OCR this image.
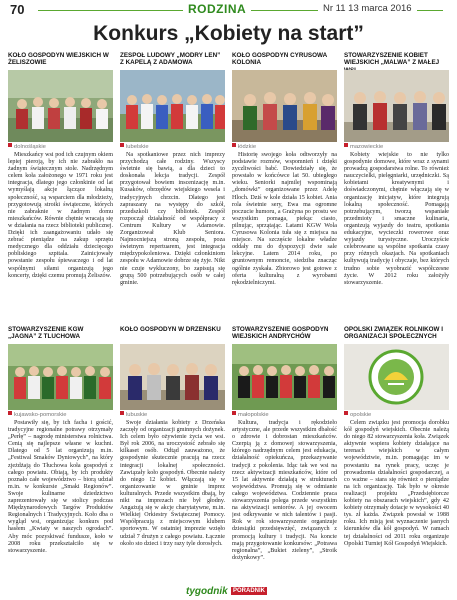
70	RODZINA	Nr 11 13 marca 2016
Konkurs „Kobiety na start”
KOŁO GOSPODYŃ WIEJSKICH W ŻELISZOWIE
dolnośląskie

Mieszkańcy wsi pod ich czujnym okiem lepiej pieroją, by ich nie zabrakło na żadnym świątecznym stole. Nadrzędnym celem koła założonego w 1971 roku jest integracja, dlatego jego członkinie od lat wymyślają akcje łączące lokalną społeczność, są wsparciem dla młodzieży, przygotowują stroiki świąteczne, których nie zabraknie w żadnym domu mieszkańców. Równie chętnie wracają się w działania na rzecz biblioteki publicznej. Dzięki ich zaangażowaniu udało się zebrać pieniądze na zakup sprzętu medycznego dla oddziału dziecięcego pobliskiego szpitala. Zainicjowały powstanie zespołu śpiewaczego i od lat wspólnymi siłami organizują jego koncerty, dzięki czemu promują Żeliszów.

ZESPÓŁ LUDOWY „MODRY LEN” Z KAPELĄ Z ADAMOWA
lubelskie

Na spotkaniowe przez nich imprezy przychodzą całe rodziny. Wszyscy świetnie się bawią, a dla dzieci to doskonała lekcja tradycji. Zespół przygotował bowiem inscenizację m.in. Kusaków, obrzędów wiejskiego wesela i tradycyjnych chrzcin. Dlatego jest zapraszany na występy do szkół, przedszkoli czy bibliotek. Zespół rozpoczął działalność od współpracy z Centrum Kultury w Adamowie. Zorganizował Klub Seniora. Najmocniejszą stroną zespołu, poza świetnym repertuarem, jest integracja międzypokoleniowa. Dzięki członkiniom zespołu w Adamowie dobrze się żyje. Nikt nie czuje wykluczony, bo zapisują się grupą 500 potrzebujących osób w całej gminie.

KOŁO GOSPODYŃ CYRUSOWA KOLONIA
łódzkie

Historię swojego koła odtworzyły na podstawie rozmów, wspomnień i dzięki zyczliwości babć. Dowiedziały się, że powstało w końcówce lat 50. ubiegłego wieku. Seniorki najmilej wspominają „domówki” organizowane przez Adelę Hloch. Dziś w kole działa 15 kobiet. Ania rola świetnie sery, Ewa ma ogromne poczucie humoru, a Grażyna po prostu we wszystkim pomaga, piekąc ciasto, pilnując, sprzątając. Latami KGW Wola Cyrusowa Kolonia tuła się z miejsca na miejsce. Na szczęście lokalne władze oddały mu do dyspozycji dwie sale lekcyjne. Latem 2014 roku, po gruntownym remoncie, siedziba znacząc ogólnie zyskała. Zbiorowo jest gotowe z oferta kulturalną z wyrobami rękodzielniczymi.

STOWARZYSZENIE KOBIET WIEJSKICH „MALWA” Z MAŁEJ
mazowieckie

Kobiety wiejskie to nie tylko gospodynie domowe, które wraz z synami prowadzą gospodarstwa rolne. To również nauczycielki, pielęgniarki, urzędniczki. Są kobietami kreatywnymi i doświadczonymi, chętnie włączają się w organizację inicjatyw, które integrują lokalną społeczność. Pomagają potrzebującym, tworzą wspaniałe przedmioty i smaczne kulinaria, organizują wyjazdy do teatru, spotkania edukacyjne, wycieczki rowerowe oraz wyjazdy turystyczne. Uroczyście celebrowane są wspólne spotkania czasy przy różnych okazjach. Na spotkaniach kultywują tradycję i obyczaje, bez których trudno sobie wyobrazić współczesne życie. W 2012 roku założyły stowarzyszenie.

STOWARZYSZENIE KGW „JAGNA” Z TLUCHOWA
kujawsko-pomorskie

Postawiły się, by ich facha i gościć, tradycyjne regionalne potrawy otrzymały „Perłę” – nagrodę ministerstwa rolnictwa. Cenią się najlepsze własne w kuchni. Dlatego od 5 lat organizują m.in. „Festiwal Smaków Dyniowych”, na który zjeżdżają do Tłuchowa koła gospodyń z całego powiatu. Obiają, by ich produkty poznało całe województwo – biorą udział m.in. w konkursie „Smaki Regionów”. Swoje kulinarne dziedzictwo zaprezentowały się w stolicy podczas Międzynarodowych Targów Produktów Regionalnych i Tradycyjnych. Koło dba o wygląd wsi, organizując konkurs pod hasłem „Kwiaty w naszych ogrodach”. Aby móc pozyskiwać fundusze, koło w 2008 roku przekształciło się w stowarzyszenie.

KOŁO GOSPODYŃ W DRZEŃSKU
lubuskie

Swoje działania kobiety z Drzeńska zaczęły od organizacji gminnych dożynek. Ich celem było ożywienie życia we wsi. Był rok 2006, na uroczystość zebrało się kilkaset osób. Odtąd zauważono, że gospodynie skutecznie pracują na rzecz integracji lokalnej społeczności. Zawiązały koło gospodyń. Obecnie należy do niego 12 kobiet. Włączają się w organizowanie w gminie imprez kulturalnych. Przede wszystkim dbają, by nikt na imprezach nie był głodny. Angażują się w akcje charytatywne, m.in. Wielkiej Orkiestry Świątecznej Pomocy. Współpracują z miejscowym klubem sportowym. W ostatniej imprezie wzięło udział 7 drużyn z całego powiatu. Łącznie około sto dzieci i trzy razy tyle dorosłych.

STOWARZYSZENIE GOSPODYŃ WIEJSKICH ANDRYCHÓW
małopolskie

Kultura, tradycja i rękodzieło artystyczne, ale przede wszystkim dbałość o zdrowie i dobrostan mieszkańców. Czerpią ją z domowej stowarzyszenia, którego nadrzędnym celem jest edukacja, działalność opiekuńcza, przekazywanie tradycji z pokolenia. Idąc tak we wsi na rzecz aktywizacji mieszkańców, które od 15 lat aktywnie działają w strukturach województwa. Promują się w odmianie całego województwa. Codziennie praca stowarzyszenia polega przede wszystkim na aktywizacji seniorów. A jej owocem jest odkrywanie w nich talentów i pasji. Rok w rok stowarzyszenie organizuje dziesiątki przedsięwzięć, związanych z promocją kultury i tradycji. Na koncie mają przygotowanie konkursów: „Potrawa regionalna”, „Bukiet zieleny”, „Stroik dożynkowy”.

OPOLSKI ZWIĄZEK ROLNIKÓW I ORGANIZACJI SPOŁECZNYCH
opolskie

Celem związku jest promocja dorobku kół gospodyń wiejskich. Obecnie należą do niego 82 stowarzyszenia koła. Związek aktywnie wspiera kobiety działające na terenach wiejskich w całym województwie, m.in. pomagając im w powstaniu na rynek pracy, uczęc je prowadzenia działalności gospodarczej, a co ważne – stara się również o pieniądze na ich organizację. Tak było w okresie realizacji projektu „Przedsiębiorcze kobiety na obszarach wiejskich”, gdy 42 kobiety otrzymały dotacje w wysokości 40 tys. zł każda. Związek powstał w 1988 roku. Ich misją jest wyznaczenie jasnych kierunków dla kół gospodyń. W ramach tej działalności od 2011 roku organizuje Opolski Turniej Kół Gospodyń Wiejskich.

tygodnik PORADNIK
